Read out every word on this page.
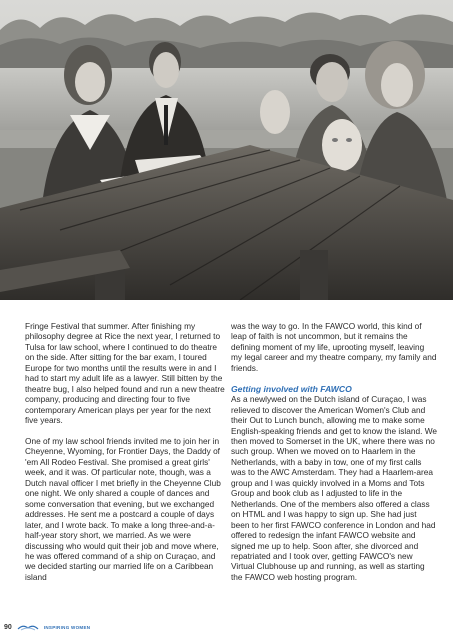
Fringe Festival that summer. After finishing my philosophy degree at Rice the next year, I returned to Tulsa for law school, where I continued to do theatre on the side. After sitting for the bar exam, I toured Europe for two months until the results were in and I had to start my adult life as a lawyer. Still bitten by the theatre bug, I also helped found and run a new theatre company, producing and directing four to five contemporary American plays per year for the next five years.

One of my law school friends invited me to join her in Cheyenne, Wyoming, for Frontier Days, the Daddy of 'em All Rodeo Festival. She promised a great girls' week, and it was. Of particular note, though, was a Dutch naval officer I met briefly in the Cheyenne Club one night. We only shared a couple of dances and some conversation that evening, but we exchanged addresses. He sent me a postcard a couple of days later, and I wrote back. To make a long three-and-a-half-year story short, we married. As we were discussing who would quit their job and move where, he was offered command of a ship on Curaçao, and we decided starting our married life on a Caribbean island

was the way to go. In the FAWCO world, this kind of leap of faith is not uncommon, but it remains the defining moment of my life, uprooting myself, leaving my legal career and my theatre company, my family and friends.

Getting involved with FAWCO

As a newlywed on the Dutch island of Curaçao, I was relieved to discover the American Women's Club and their Out to Lunch bunch, allowing me to make some English-speaking friends and get to know the island. We then moved to Somerset in the UK, where there was no such group. When we moved on to Haarlem in the Netherlands, with a baby in tow, one of my first calls was to the AWC Amsterdam. They had a Haarlem-area group and I was quickly involved in a Moms and Tots Group and book club as I adjusted to life in the Netherlands. One of the members also offered a class on HTML and I was happy to sign up. She had just been to her first FAWCO conference in London and had offered to redesign the infant FAWCO website and signed me up to help. Soon after, she divorced and repatriated and I took over, getting FAWCO's new Virtual Clubhouse up and running, as well as starting the FAWCO web hosting program.

90	INSPIRING WOMEN
